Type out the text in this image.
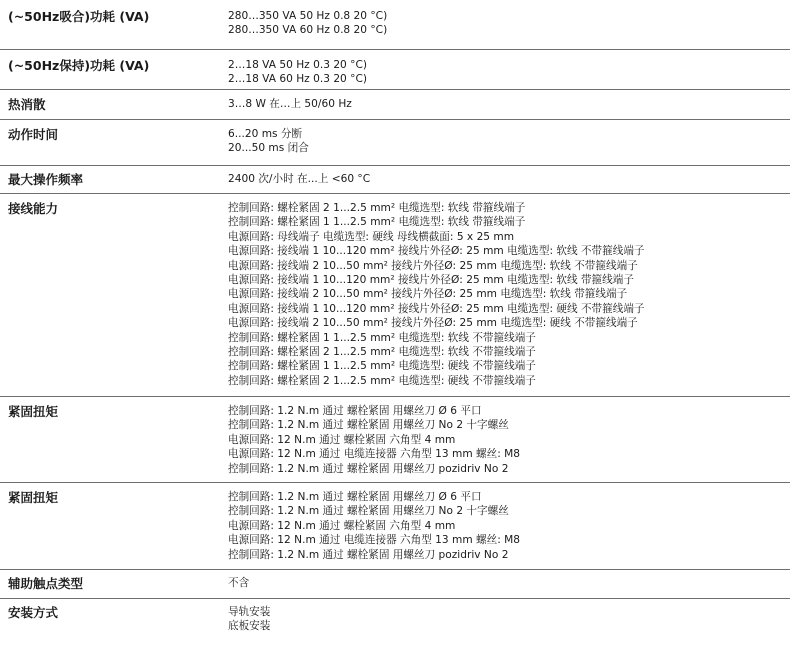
(~50Hz吸合)功耗 (VA)	280…350 VA 50 Hz 0.8 20 °C)
280…350 VA 60 Hz 0.8 20 °C)
(~50Hz保持)功耗 (VA)	2…18 VA 50 Hz 0.3 20 °C)
2…18 VA 60 Hz 0.3 20 °C)
热消散	3…8 W 在…上 50/60 Hz
动作时间	6...20 ms 分断
20...50 ms 闭合
最大操作频率	2400 次/小时 在...上 <60 °C
接线能力	控制回路: 螺栓紧固 2 1...2.5 mm² 电缆选型: 软线 带箍线端子
控制回路: 螺栓紧固 1 1...2.5 mm² 电缆选型: 软线 带箍线端子
电源回路: 母线端子 电缆选型: 硬线 母线横截面: 5 x 25 mm
电源回路: 接线端 1 10...120 mm² 接线片外径Ø: 25 mm 电缆选型: 软线 不带箍线端子
电源回路: 接线端 2 10...50 mm² 接线片外径Ø: 25 mm 电缆选型: 软线 不带箍线端子
电源回路: 接线端 1 10...120 mm² 接线片外径Ø: 25 mm 电缆选型: 软线 带箍线端子
电源回路: 接线端 2 10...50 mm² 接线片外径Ø: 25 mm 电缆选型: 软线 带箍线端子
电源回路: 接线端 1 10...120 mm² 接线片外径Ø: 25 mm 电缆选型: 硬线 不带箍线端子
电源回路: 接线端 2 10...50 mm² 接线片外径Ø: 25 mm 电缆选型: 硬线 不带箍线端子
控制回路: 螺栓紧固 1 1...2.5 mm² 电缆选型: 软线 不带箍线端子
控制回路: 螺栓紧固 2 1...2.5 mm² 电缆选型: 软线 不带箍线端子
控制回路: 螺栓紧固 1 1...2.5 mm² 电缆选型: 硬线 不带箍线端子
控制回路: 螺栓紧固 2 1...2.5 mm² 电缆选型: 硬线 不带箍线端子
紧固扭矩	控制回路: 1.2 N.m 通过 螺栓紧固 用螺丝刀 Ø 6 平口
控制回路: 1.2 N.m 通过 螺栓紧固 用螺丝刀 No 2 十字螺丝
电源回路: 12 N.m 通过 螺栓紧固 六角型 4 mm
电源回路: 12 N.m 通过 电缆连接器 六角型 13 mm 螺丝: M8
控制回路: 1.2 N.m 通过 螺栓紧固 用螺丝刀 pozidriv No 2
紧固扭矩	控制回路: 1.2 N.m 通过 螺栓紧固 用螺丝刀 Ø 6 平口
控制回路: 1.2 N.m 通过 螺栓紧固 用螺丝刀 No 2 十字螺丝
电源回路: 12 N.m 通过 螺栓紧固 六角型 4 mm
电源回路: 12 N.m 通过 电缆连接器 六角型 13 mm 螺丝: M8
控制回路: 1.2 N.m 通过 螺栓紧固 用螺丝刀 pozidriv No 2
辅助触点类型	不含
安装方式	导轨安装
底板安装
